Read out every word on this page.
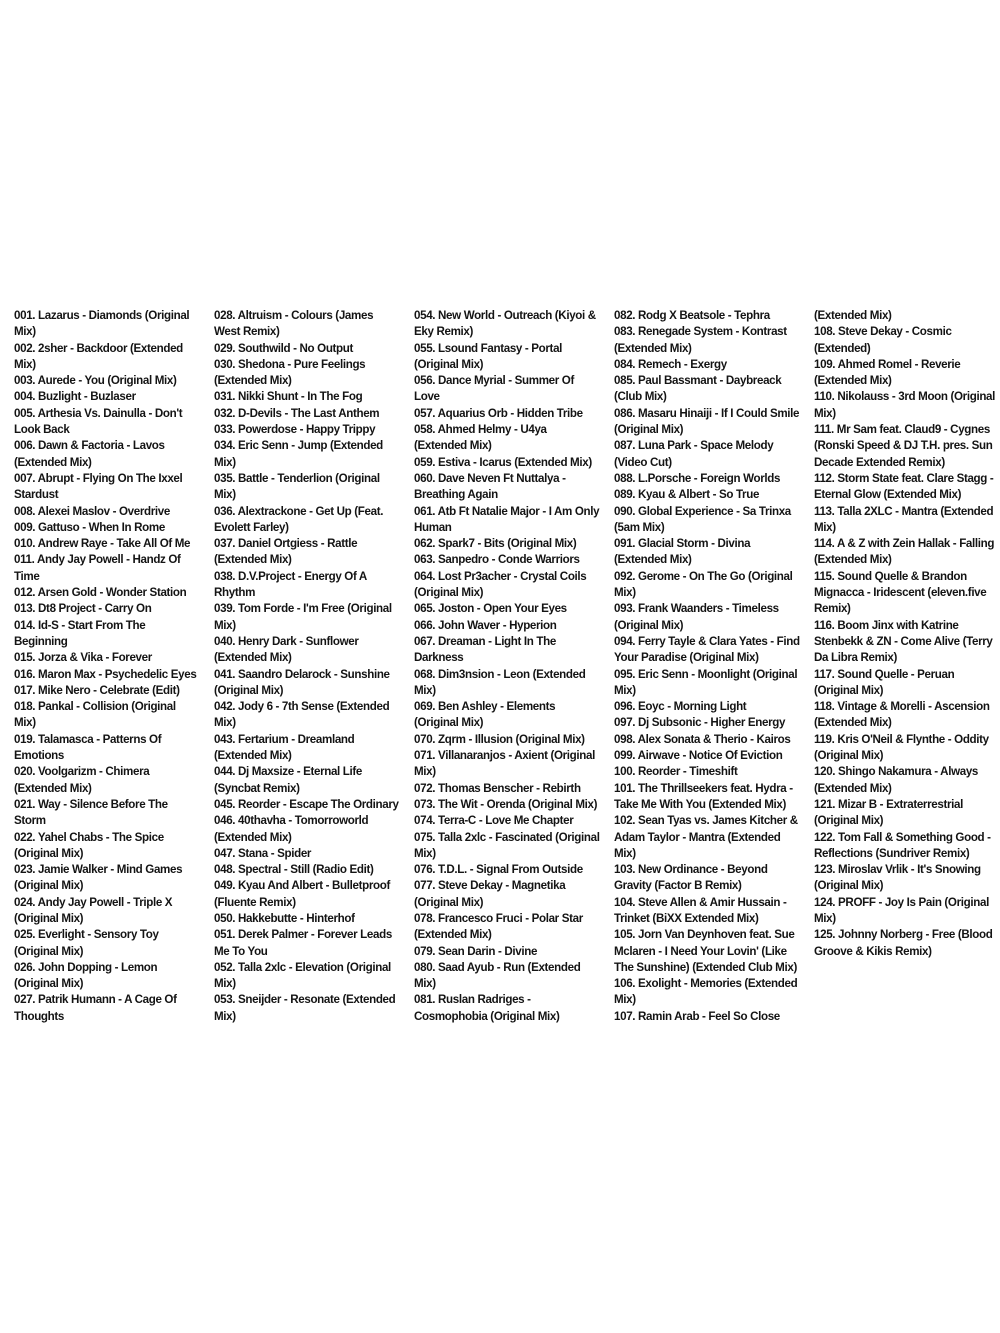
001. Lazarus - Diamonds (Original Mix)

002. 2sher - Backdoor (Extended Mix)

003. Aurede - You (Original Mix)

004. Buzlight - Buzlaser

005. Arthesia Vs. Dainulla - Don't Look Back

006. Dawn & Factoria - Lavos (Extended Mix)

007. Abrupt - Flying On The Ixxel Stardust

008. Alexei Maslov - Overdrive

009. Gattuso - When In Rome

010. Andrew Raye - Take All Of Me

011. Andy Jay Powell - Handz Of Time

012. Arsen Gold - Wonder Station

013. Dt8 Project - Carry On

014. Id-S - Start From The Beginning

015. Jorza & Vika - Forever

016. Maron Max - Psychedelic Eyes

017. Mike Nero - Celebrate (Edit)

018. Pankal - Collision (Original Mix)

019. Talamasca - Patterns Of Emotions

020. Voolgarizm - Chimera (Extended Mix)

021. Way - Silence Before The Storm

022. Yahel Chabs - The Spice (Original Mix)

023. Jamie Walker - Mind Games (Original Mix)

024. Andy Jay Powell - Triple X (Original Mix)

025. Everlight - Sensory Toy (Original Mix)

026. John Dopping - Lemon (Original Mix)

027. Patrik Humann - A Cage Of Thoughts

028. Altruism - Colours (James West Remix)

029. Southwild - No Output

030. Shedona - Pure Feelings (Extended Mix)

031. Nikki Shunt - In The Fog

032. D-Devils - The Last Anthem

033. Powerdose - Happy Trippy

034. Eric Senn - Jump (Extended Mix)

035. Battle - Tenderlion (Original Mix)

036. Alextrackone - Get Up (Feat. Evolett Farley)

037. Daniel Ortgiess - Rattle (Extended Mix)

038. D.V.Project - Energy Of A Rhythm

039. Tom Forde - I'm Free (Original Mix)

040. Henry Dark - Sunflower (Extended Mix)

041. Saandro Delarock - Sunshine (Original Mix)

042. Jody 6 - 7th Sense (Extended Mix)

043. Fertarium - Dreamland (Extended Mix)

044. Dj Maxsize - Eternal Life (Syncbat Remix)

045. Reorder - Escape The Ordinary

046. 40thavha - Tomorroworld (Extended Mix)

047. Stana - Spider

048. Spectral - Still (Radio Edit)

049. Kyau And Albert - Bulletproof (Fluente Remix)

050. Hakkebutte - Hinterhof

051. Derek Palmer - Forever Leads Me To You

052. Talla 2xlc - Elevation (Original Mix)

053. Sneijder - Resonate (Extended Mix)

054. New World - Outreach (Kiyoi & Eky Remix)

055. Lsound Fantasy - Portal (Original Mix)

056. Dance Myrial - Summer Of Love

057. Aquarius Orb - Hidden Tribe

058. Ahmed Helmy - U4ya (Extended Mix)

059. Estiva - Icarus (Extended Mix)

060. Dave Neven Ft Nuttalya - Breathing Again

061. Atb Ft Natalie Major - I Am Only Human

062. Spark7 - Bits (Original Mix)

063. Sanpedro - Conde Warriors

064. Lost Pr3acher - Crystal Coils (Original Mix)

065. Joston - Open Your Eyes

066. John Waver - Hyperion

067. Dreaman - Light In The Darkness

068. Dim3nsion - Leon (Extended Mix)

069. Ben Ashley - Elements (Original Mix)

070. Zqrm - Illusion (Original Mix)

071. Villanaranjos - Axient (Original Mix)

072. Thomas Benscher - Rebirth

073. The Wit - Orenda (Original Mix)

074. Terra-C - Love Me Chapter

075. Talla 2xlc - Fascinated (Original Mix)

076. T.D.L. - Signal From Outside

077. Steve Dekay - Magnetika (Original Mix)

078. Francesco Fruci - Polar Star (Extended Mix)

079. Sean Darin - Divine

080. Saad Ayub - Run (Extended Mix)

081. Ruslan Radriges - Cosmophobia (Original Mix)

082. Rodg X Beatsole - Tephra

083. Renegade System - Kontrast (Extended Mix)

084. Remech - Exergy

085. Paul Bassmant - Daybreack (Club Mix)

086. Masaru Hinaiji - If I Could Smile (Original Mix)

087. Luna Park - Space Melody (Video Cut)

088. L.Porsche - Foreign Worlds

089. Kyau & Albert - So True

090. Global Experience - Sa Trinxa (5am Mix)

091. Glacial Storm - Divina (Extended Mix)

092. Gerome - On The Go (Original Mix)

093. Frank Waanders - Timeless (Original Mix)

094. Ferry Tayle & Clara Yates - Find Your Paradise (Original Mix)

095. Eric Senn - Moonlight (Original Mix)

096. Eoyc - Morning Light

097. Dj Subsonic - Higher Energy

098. Alex Sonata & Therio - Kairos

099. Airwave - Notice Of Eviction

100. Reorder - Timeshift

101. The Thrillseekers feat. Hydra - Take Me With You (Extended Mix)

102. Sean Tyas vs. James Kitcher & Adam Taylor - Mantra (Extended Mix)

103. New Ordinance - Beyond Gravity (Factor B Remix)

104. Steve Allen & Amir Hussain - Trinket (BiXX Extended Mix)

105. Jorn Van Deynhoven feat. Sue Mclaren - I Need Your Lovin' (Like The Sunshine) (Extended Club Mix)

106. Exolight - Memories (Extended Mix)

107. Ramin Arab - Feel So Close

(Extended Mix)

108. Steve Dekay - Cosmic (Extended)

109. Ahmed Romel - Reverie (Extended Mix)

110. Nikolauss - 3rd Moon (Original Mix)

111. Mr Sam feat. Claud9 - Cygnes (Ronski Speed & DJ T.H. pres. Sun Decade Extended Remix)

112. Storm State feat. Clare Stagg - Eternal Glow (Extended Mix)

113. Talla 2XLC - Mantra (Extended Mix)

114. A & Z with Zein Hallak - Falling (Extended Mix)

115. Sound Quelle & Brandon Mignacca - Iridescent (eleven.five Remix)

116. Boom Jinx with Katrine Stenbekk & ZN - Come Alive (Terry Da Libra Remix)

117. Sound Quelle - Peruan (Original Mix)

118. Vintage & Morelli - Ascension (Extended Mix)

119. Kris O'Neil & Flynthe - Oddity (Original Mix)

120. Shingo Nakamura - Always (Extended Mix)

121. Mizar B - Extraterrestrial (Original Mix)

122. Tom Fall & Something Good - Reflections (Sundriver Remix)

123. Miroslav Vrlik - It's Snowing (Original Mix)

124. PROFF - Joy Is Pain (Original Mix)

125. Johnny Norberg - Free (Blood Groove & Kikis Remix)
